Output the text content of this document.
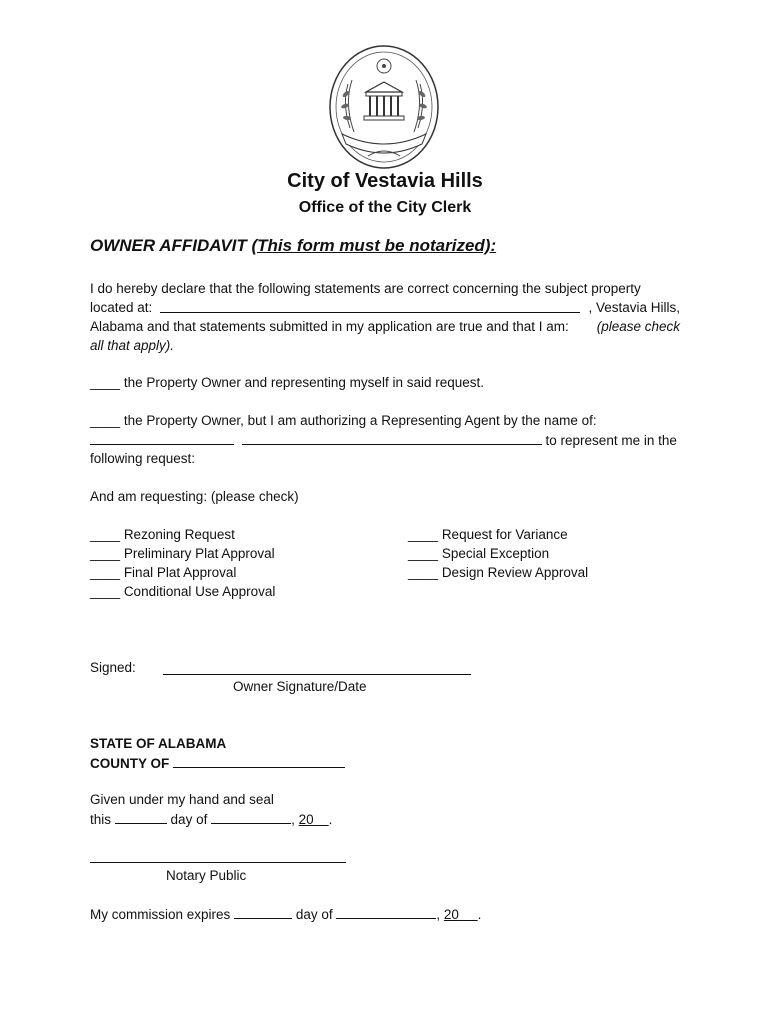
City of Vestavia Hills
Office of the City Clerk
OWNER AFFIDAVIT (This form must be notarized):
I do hereby declare that the following statements are correct concerning the subject property
located at:	, Vestavia Hills,
Alabama and that statements submitted in my application are true and that I am: (please check
all that apply).
____ the Property Owner and representing myself in said request.
____ the Property Owner, but I am authorizing a Representing Agent by the name of:
to represent me in the
following request:
And am requesting: (please check)
____ Rezoning Request
____ Preliminary Plat Approval
____ Final Plat Approval
____ Conditional Use Approval
____ Request for Variance
____ Special Exception
____ Design Review Approval
Signed:
Owner Signature/Date
STATE OF ALABAMA
COUNTY OF
Given under my hand and seal
this	day of	, 20 .
Notary Public
My commission expires	day of	, 20 .
